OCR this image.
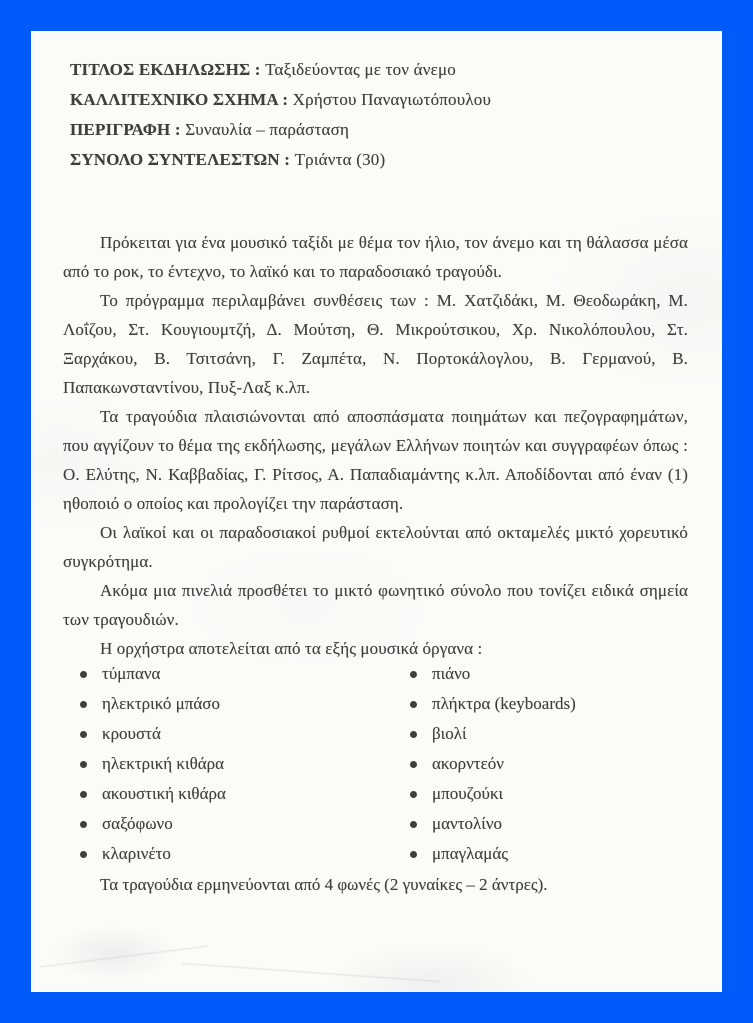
ΤΙΤΛΟΣ ΕΚΔΗΛΩΣΗΣ : Ταξιδεύοντας με τον άνεμο
ΚΑΛΛΙΤΕΧΝΙΚΟ ΣΧΗΜΑ : Χρήστου Παναγιωτόπουλου
ΠΕΡΙΓΡΑΦΗ : Συναυλία – παράσταση
ΣΥΝΟΛΟ ΣΥΝΤΕΛΕΣΤΩΝ : Τριάντα (30)

Πρόκειται για ένα μουσικό ταξίδι με θέμα τον ήλιο, τον άνεμο και τη θάλασσα μέσα από το ροκ, το έντεχνο, το λαϊκό και το παραδοσιακό τραγούδι.

Το πρόγραμμα περιλαμβάνει συνθέσεις των : Μ. Χατζιδάκι, Μ. Θεοδωράκη, Μ. Λοΐζου, Στ. Κουγιουμτζή, Δ. Μούτση, Θ. Μικρούτσικου, Χρ. Νικολόπουλου, Στ. Ξαρχάκου, Β. Τσιτσάνη, Γ. Ζαμπέτα, Ν. Πορτοκάλογλου, Β. Γερμανού, Β. Παπακωνσταντίνου, Πυξ-Λαξ κ.λπ.

Τα τραγούδια πλαισιώνονται από αποσπάσματα ποιημάτων και πεζογραφημάτων, που αγγίζουν το θέμα της εκδήλωσης, μεγάλων Ελλήνων ποιητών και συγγραφέων όπως : Ο. Ελύτης, Ν. Καββαδίας, Γ. Ρίτσος, Α. Παπαδιαμάντης κ.λπ. Αποδίδονται από έναν (1) ηθοποιό ο οποίος και προλογίζει την παράσταση.

Οι λαϊκοί και οι παραδοσιακοί ρυθμοί εκτελούνται από οκταμελές μικτό χορευτικό συγκρότημα.

Ακόμα μια πινελιά προσθέτει το μικτό φωνητικό σύνολο που τονίζει ειδικά σημεία των τραγουδιών.

Η ορχήστρα αποτελείται από τα εξής μουσικά όργανα :

τύμπανα
ηλεκτρικό μπάσο
κρουστά
ηλεκτρική κιθάρα
ακουστική κιθάρα
σαξόφωνο
κλαρινέτο
πιάνο
πλήκτρα (keyboards)
βιολί
ακορντεόν
μπουζούκι
μαντολίνο
μπαγλαμάς

Τα τραγούδια ερμηνεύονται από 4 φωνές (2 γυναίκες – 2 άντρες).
